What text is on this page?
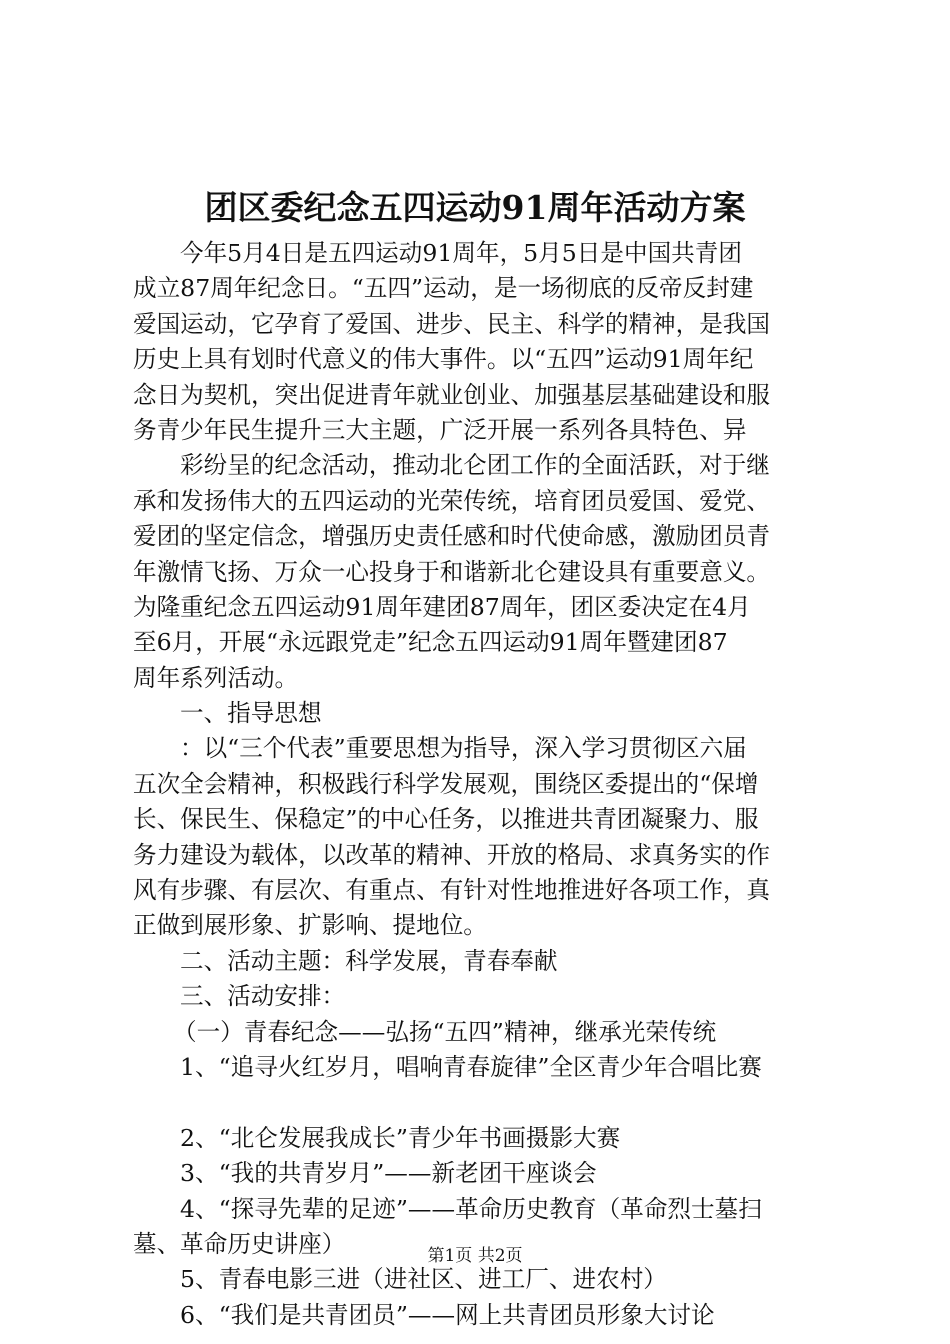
团区委纪念五四运动91周年活动方案
今年5月4日是五四运动91周年，5月5日是中国共青团
成立87周年纪念日。“五四”运动，是一场彻底的反帝反封建
爱国运动，它孕育了爱国、进步、民主、科学的精神，是我国
历史上具有划时代意义的伟大事件。以“五四”运动91周年纪
念日为契机，突出促进青年就业创业、加强基层基础建设和服
务青少年民生提升三大主题，广泛开展一系列各具特色、异
彩纷呈的纪念活动，推动北仑团工作的全面活跃，对于继
承和发扬伟大的五四运动的光荣传统，培育团员爱国、爱党、
爱团的坚定信念，增强历史责任感和时代使命感，激励团员青
年激情飞扬、万众一心投身于和谐新北仑建设具有重要意义。
为隆重纪念五四运动91周年建团87周年，团区委决定在4月
至6月，开展“永远跟党走”纪念五四运动91周年暨建团87
周年系列活动。
一、指导思想
：以“三个代表”重要思想为指导，深入学习贯彻区六届
五次全会精神，积极践行科学发展观，围绕区委提出的“保增
长、保民生、保稳定”的中心任务，以推进共青团凝聚力、服
务力建设为载体，以改革的精神、开放的格局、求真务实的作
风有步骤、有层次、有重点、有针对性地推进好各项工作，真
正做到展形象、扩影响、提地位。
二、活动主题：科学发展，青春奉献
三、活动安排：
（一）青春纪念——弘扬“五四”精神，继承光荣传统
1、“追寻火红岁月，唱响青春旋律”全区青少年合唱比赛
2、“北仑发展我成长”青少年书画摄影大赛
3、“我的共青岁月”——新老团干座谈会
4、“探寻先辈的足迹”——革命历史教育（革命烈士墓扫
墓、革命历史讲座）
5、青春电影三进（进社区、进工厂、进农村）
6、“我们是共青团员”——网上共青团员形象大讨论
第1页 共2页
